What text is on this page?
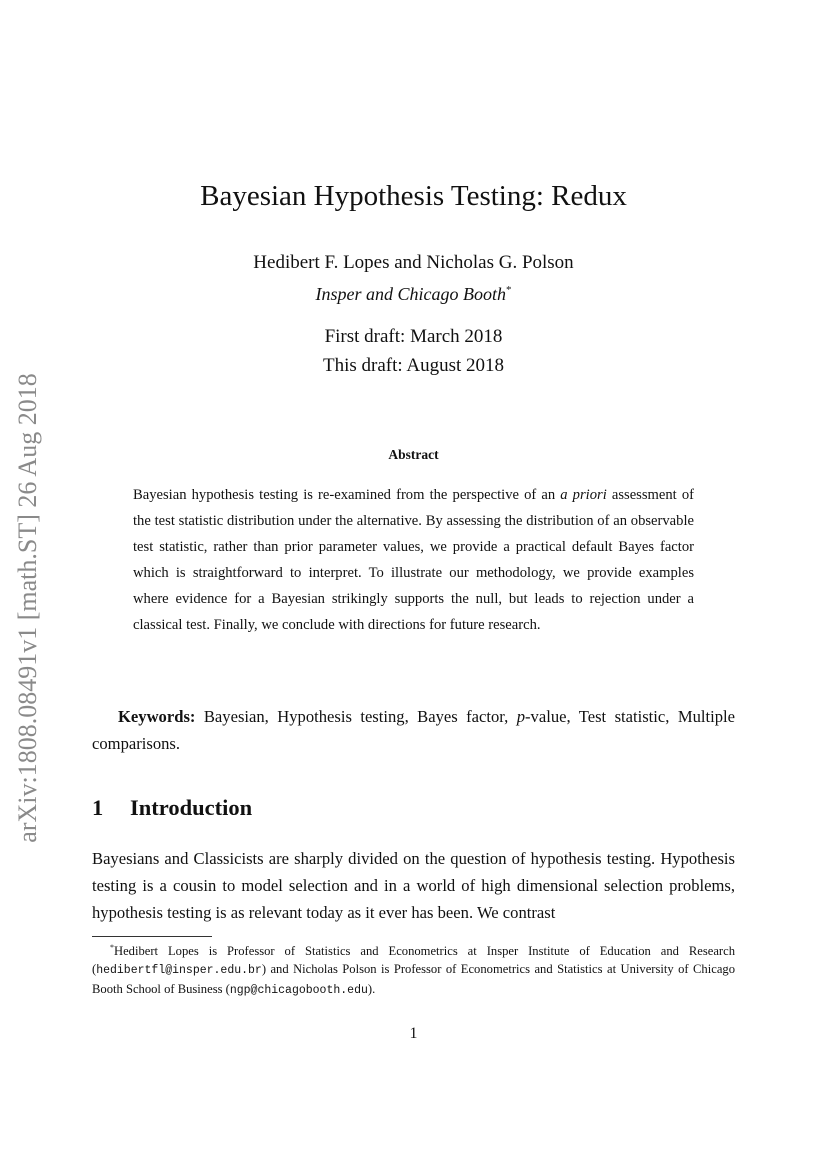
arXiv:1808.08491v1 [math.ST] 26 Aug 2018
Bayesian Hypothesis Testing: Redux
Hedibert F. Lopes and Nicholas G. Polson
Insper and Chicago Booth*
First draft: March 2018
This draft: August 2018
Abstract
Bayesian hypothesis testing is re-examined from the perspective of an a priori assessment of the test statistic distribution under the alternative. By assessing the distribution of an observable test statistic, rather than prior parameter values, we provide a practical default Bayes factor which is straightforward to interpret. To illustrate our methodology, we provide examples where evidence for a Bayesian strikingly supports the null, but leads to rejection under a classical test. Finally, we conclude with directions for future research.
Keywords: Bayesian, Hypothesis testing, Bayes factor, p-value, Test statistic, Multiple comparisons.
1 Introduction
Bayesians and Classicists are sharply divided on the question of hypothesis testing. Hypothesis testing is a cousin to model selection and in a world of high dimensional selection problems, hypothesis testing is as relevant today as it ever has been. We contrast
*Hedibert Lopes is Professor of Statistics and Econometrics at Insper Institute of Education and Research (hedibertfl@insper.edu.br) and Nicholas Polson is Professor of Econometrics and Statistics at University of Chicago Booth School of Business (ngp@chicagobooth.edu).
1
